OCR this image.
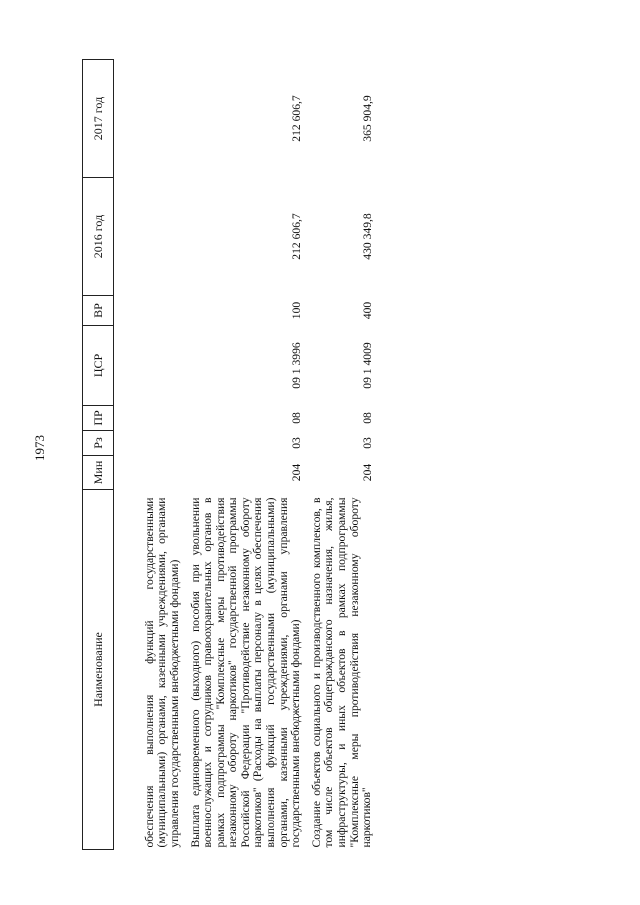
1973
Наименование	Мин	Рз	ПР	ЦСР	ВР	2016 год	2017 год
обеспечения выполнения функций государственными (муниципальными) органами, казенными учреждениями, органами управления государственными внебюджетными фондами)							
Выплата единовременного (выходного) пособия при увольнении военнослужащих и сотрудников правоохранительных органов в рамках подпрограммы "Комплексные меры противодействия незаконному обороту наркотиков" государственной программы Российской Федерации "Противодействие незаконному обороту наркотиков" (Расходы на выплаты персоналу в целях обеспечения выполнения функций государственными (муниципальными) органами, казенными учреждениями, органами управления государственными внебюджетными фондами)	204	03	08	09 1 3996	100	212 606,7	212 606,7
Создание объектов социального и производственного комплексов, в том числе объектов общегражданского назначения, жилья, инфраструктуры, и иных объектов в рамках подпрограммы "Комплексные меры противодействия незаконному обороту наркотиков"	204	03	08	09 1 4009	400	430 349,8	365 904,9
